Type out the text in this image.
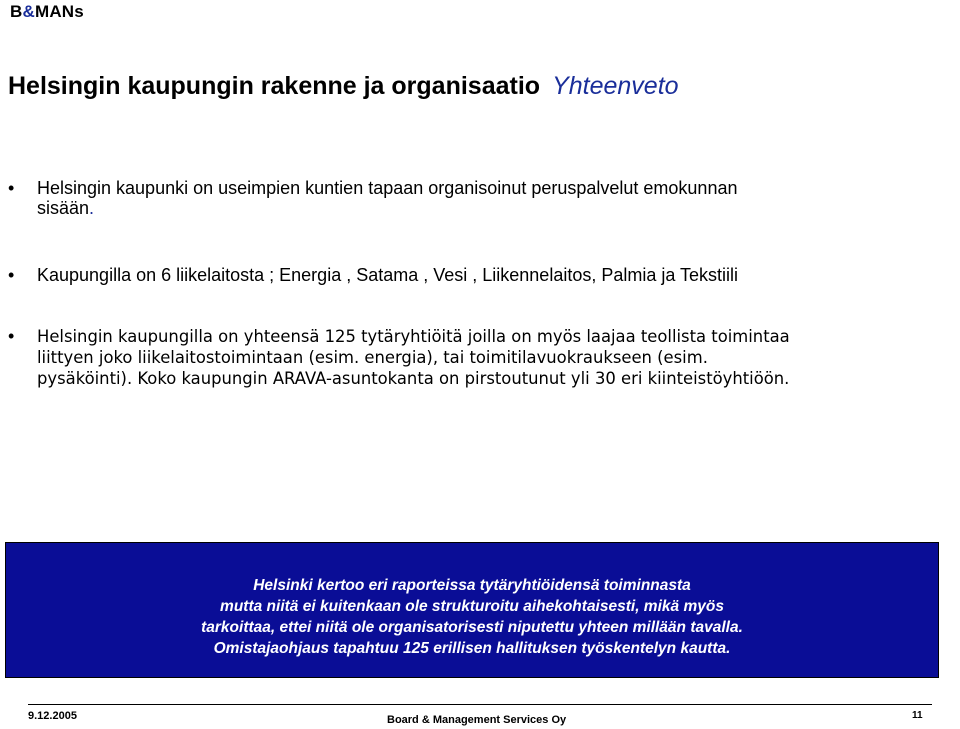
B&MANs
Helsingin kaupungin rakenne ja organisaatio Yhteenveto
• Helsingin kaupunki on useimpien kuntien tapaan organisoinut peruspalvelut emokunnan
sisään.
• Kaupungilla on 6 liikelaitosta ; Energia , Satama , Vesi , Liikennelaitos, Palmia ja Tekstiili
• Helsingin kaupungilla on yhteensä 125 tytäryhtiöitä joilla on myös laajaa teollista toimintaa
liittyen joko liikelaitostoimintaan (esim. energia), tai toimitilavuokraukseen (esim.
pysäköinti). Koko kaupungin ARAVA-asuntokanta on pirstoutunut yli 30 eri kiinteistöyhtiöön.
Helsinki kertoo eri raporteissa tytäryhtiöidensä toiminnasta
mutta niitä ei kuitenkaan ole strukturoitu aihekohtaisesti, mikä myös
tarkoittaa, ettei niitä ole organisatorisesti niputettu yhteen millään tavalla.
Omistajaohjaus tapahtuu 125 erillisen hallituksen työskentelyn kautta.
9.12.2005	Board & Management Services Oy	11
